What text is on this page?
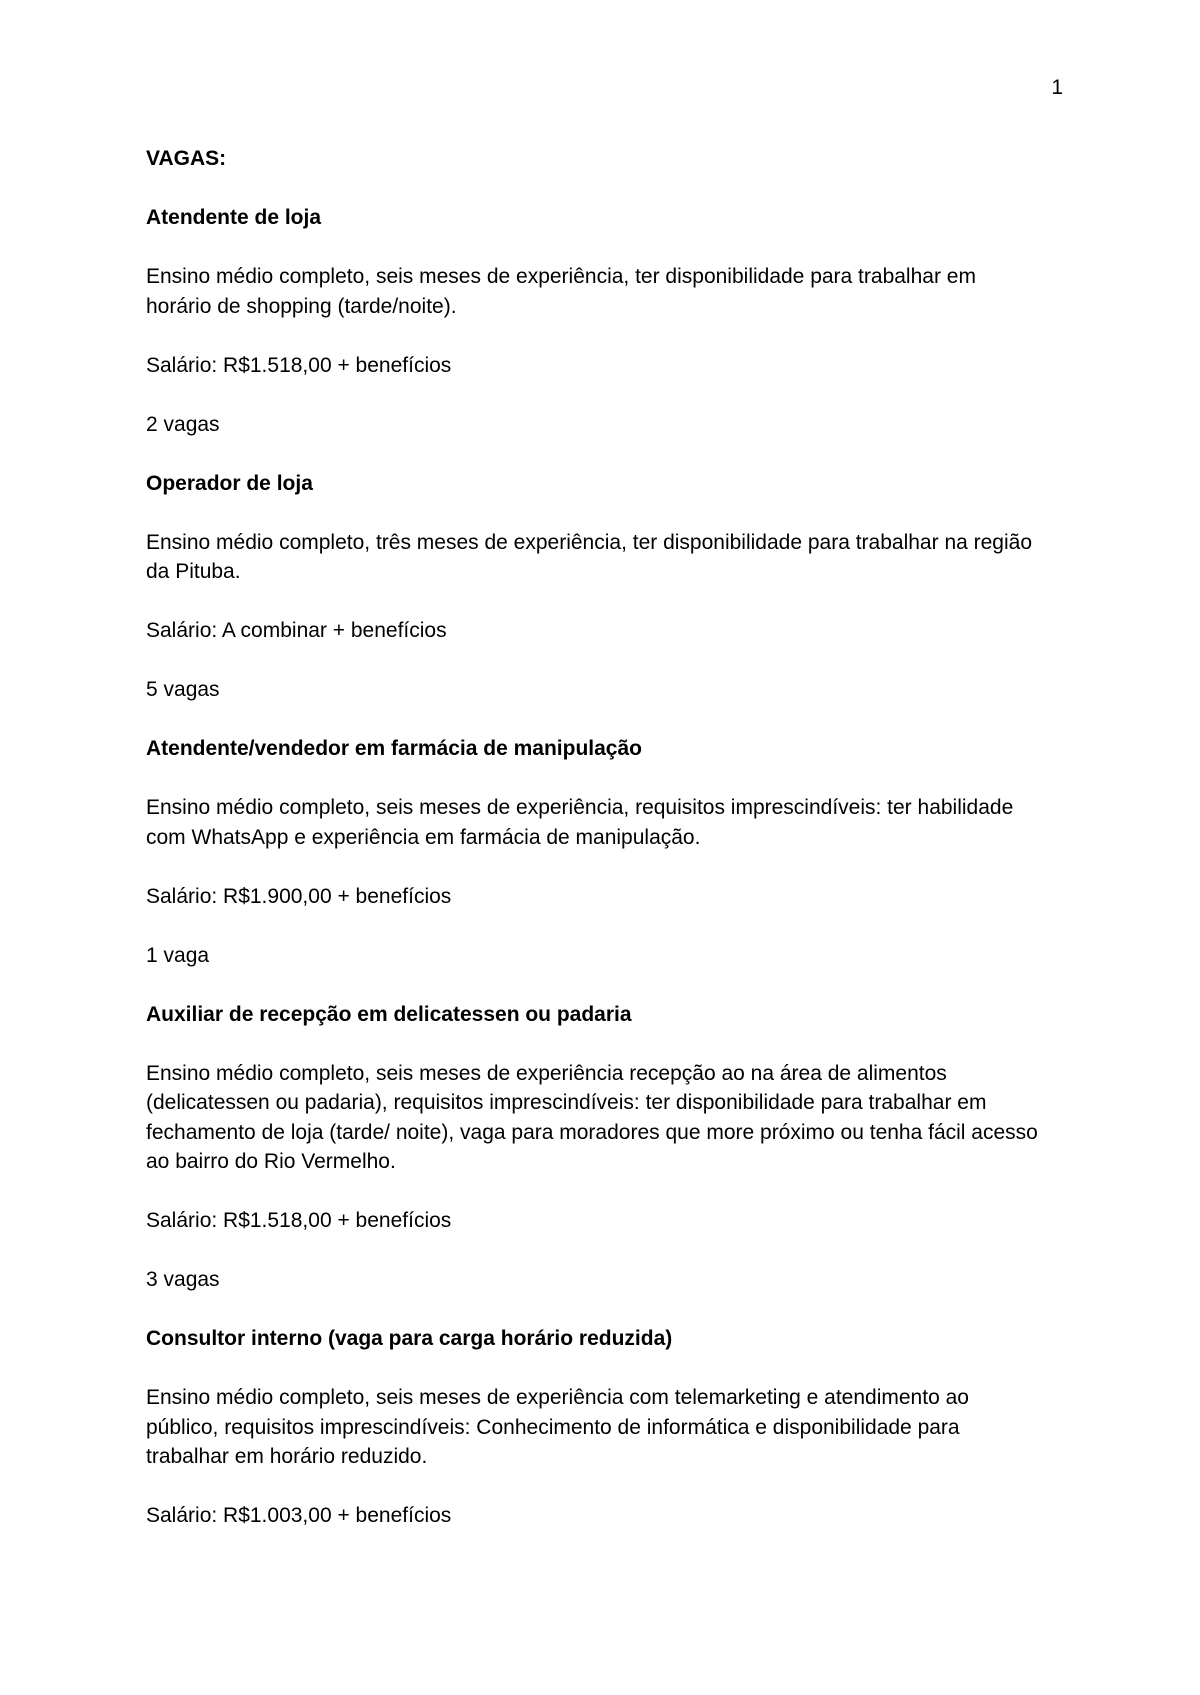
1

VAGAS:

Atendente de loja

Ensino médio completo, seis meses de experiência, ter disponibilidade para trabalhar em horário de shopping (tarde/noite).

Salário: R$1.518,00 + benefícios

2 vagas

Operador de loja

Ensino médio completo, três meses de experiência, ter disponibilidade para trabalhar na região da Pituba.

Salário: A combinar + benefícios

5 vagas

Atendente/vendedor em farmácia de manipulação

Ensino médio completo, seis meses de experiência, requisitos imprescindíveis: ter habilidade com WhatsApp e experiência em farmácia de manipulação.

Salário: R$1.900,00 + benefícios

1 vaga

Auxiliar de recepção em delicatessen ou padaria

Ensino médio completo, seis meses de experiência recepção ao na área de alimentos (delicatessen ou padaria), requisitos imprescindíveis: ter disponibilidade para trabalhar em fechamento de loja (tarde/ noite), vaga para moradores que more próximo ou tenha fácil acesso ao bairro do Rio Vermelho.

Salário: R$1.518,00 + benefícios

3 vagas

Consultor interno (vaga para carga horário reduzida)

Ensino médio completo, seis meses de experiência com telemarketing e atendimento ao público, requisitos imprescindíveis: Conhecimento de informática e disponibilidade para trabalhar em horário reduzido.

Salário: R$1.003,00 + benefícios
